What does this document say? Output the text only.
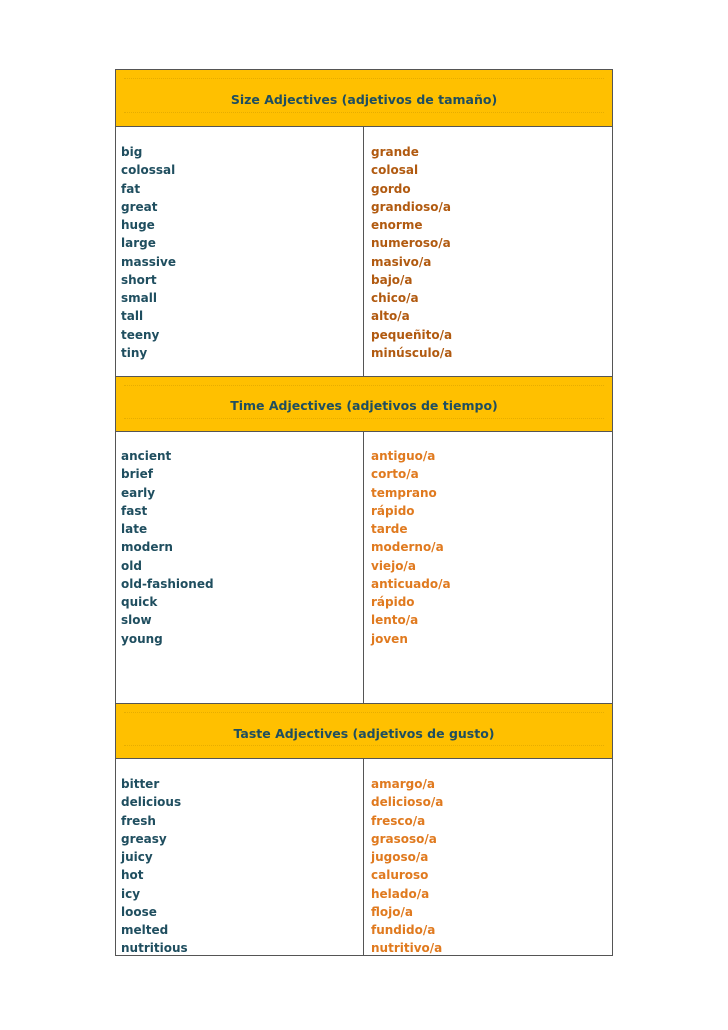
Size Adjectives (adjetivos de tamaño)
big
colossal
fat
great
huge
large
massive
short
small
tall
teeny
tiny
grande
colosal
gordo
grandioso/a
enorme
numeroso/a
masivo/a
bajo/a
chico/a
alto/a
pequeñito/a
minúsculo/a
Time Adjectives (adjetivos de tiempo)
ancient
brief
early
fast
late
modern
old
old-fashioned
quick
slow
young
antiguo/a
corto/a
temprano
rápido
tarde
moderno/a
viejo/a
anticuado/a
rápido
lento/a
joven
Taste Adjectives (adjetivos de gusto)
bitter
delicious
fresh
greasy
juicy
hot
icy
loose
melted
nutritious
amargo/a
delicioso/a
fresco/a
grasoso/a
jugoso/a
caluroso
helado/a
flojo/a
fundido/a
nutritivo/a
